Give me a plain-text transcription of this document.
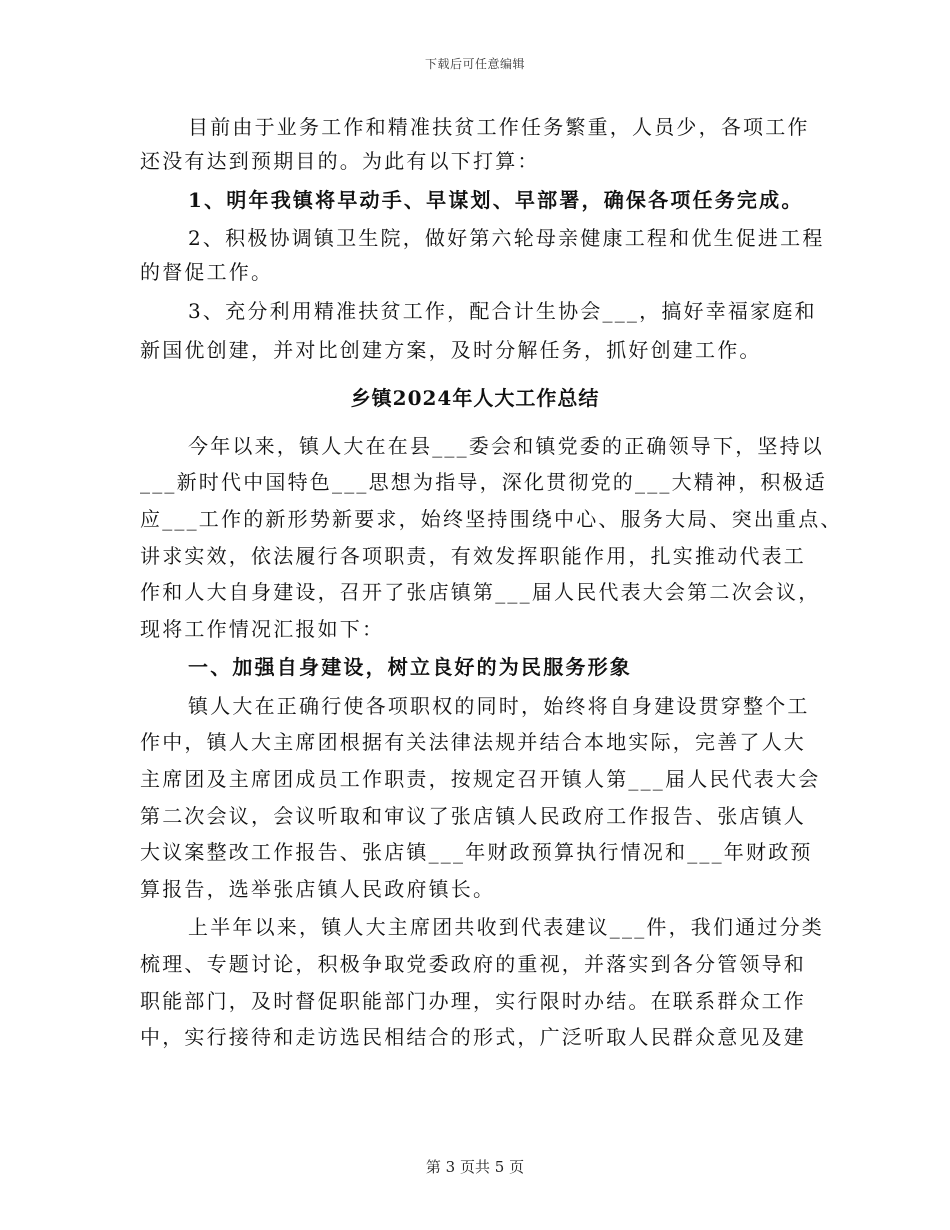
下载后可任意编辑
目前由于业务工作和精准扶贫工作任务繁重，人员少，各项工作
还没有达到预期目的。为此有以下打算：
1、明年我镇将早动手、早谋划、早部署，确保各项任务完成。
2、积极协调镇卫生院，做好第六轮母亲健康工程和优生促进工程
的督促工作。
3、充分利用精准扶贫工作，配合计生协会___，搞好幸福家庭和
新国优创建，并对比创建方案，及时分解任务，抓好创建工作。
乡镇2024年人大工作总结
今年以来，镇人大在在县___委会和镇党委的正确领导下，坚持以
___新时代中国特色___思想为指导，深化贯彻党的___大精神，积极适
应___工作的新形势新要求，始终坚持围绕中心、服务大局、突出重点、
讲求实效，依法履行各项职责，有效发挥职能作用，扎实推动代表工
作和人大自身建设，召开了张店镇第___届人民代表大会第二次会议，
现将工作情况汇报如下：
一、加强自身建设，树立良好的为民服务形象
镇人大在正确行使各项职权的同时，始终将自身建设贯穿整个工
作中，镇人大主席团根据有关法律法规并结合本地实际，完善了人大
主席团及主席团成员工作职责，按规定召开镇人第___届人民代表大会
第二次会议，会议听取和审议了张店镇人民政府工作报告、张店镇人
大议案整改工作报告、张店镇___年财政预算执行情况和___年财政预
算报告，选举张店镇人民政府镇长。
上半年以来，镇人大主席团共收到代表建议___件，我们通过分类
梳理、专题讨论，积极争取党委政府的重视，并落实到各分管领导和
职能部门，及时督促职能部门办理，实行限时办结。在联系群众工作
中，实行接待和走访选民相结合的形式，广泛听取人民群众意见及建
第 3 页共 5 页
